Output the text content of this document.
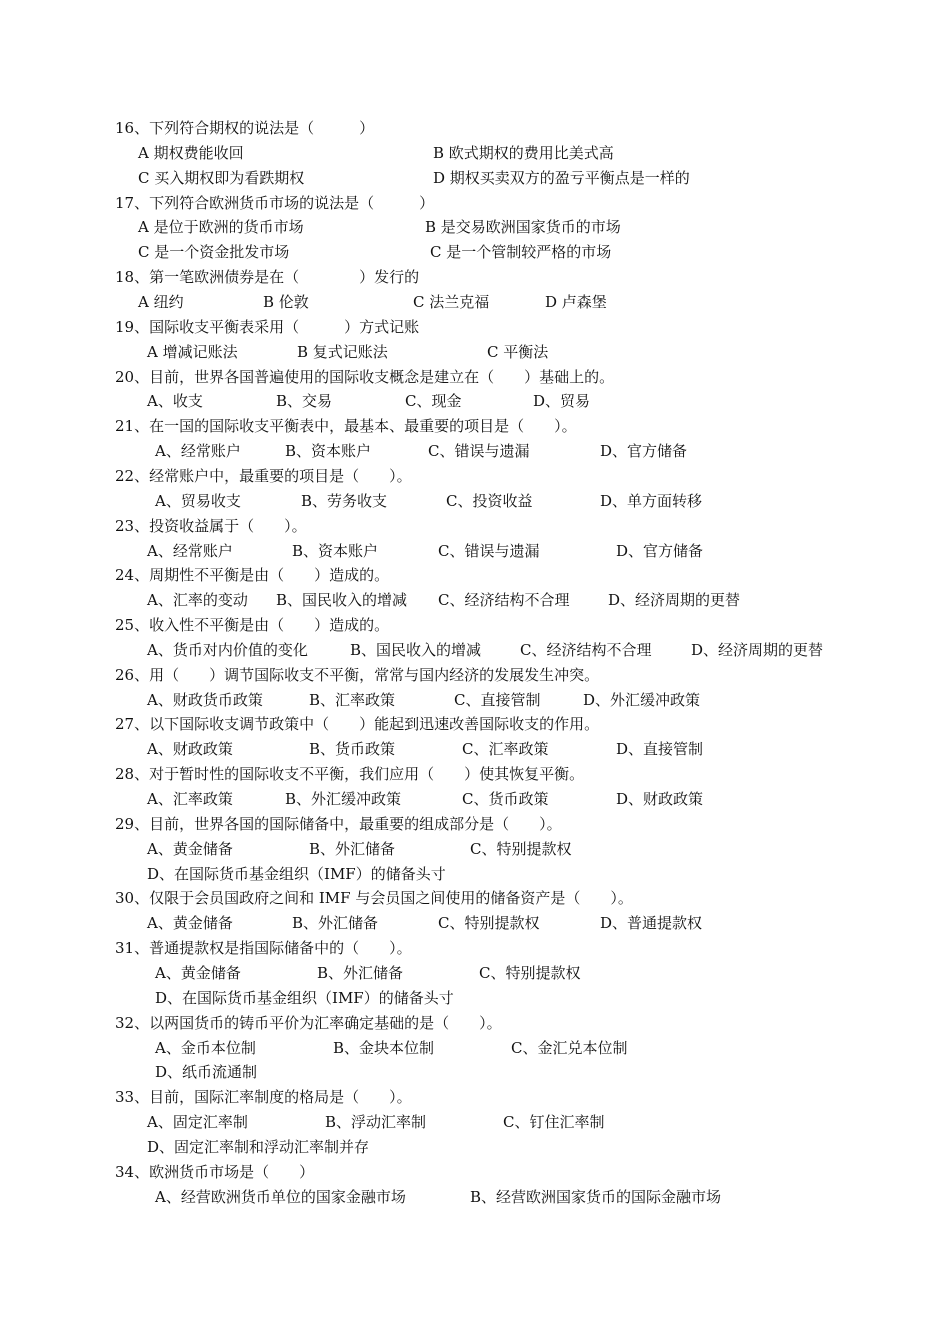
16、下列符合期权的说法是（　　　）
A 期权费能收回	B 欧式期权的费用比美式高
C 买入期权即为看跌期权	D 期权买卖双方的盈亏平衡点是一样的
17、下列符合欧洲货币市场的说法是（　　　）
A 是位于欧洲的货币市场	B 是交易欧洲国家货币的市场
C 是一个资金批发市场	C 是一个管制较严格的市场
18、第一笔欧洲债券是在（　　　　）发行的
A 纽约	B 伦敦	C 法兰克福	D 卢森堡
19、国际收支平衡表采用（　　　）方式记账
A 增减记账法	B 复式记账法	C 平衡法
20、目前，世界各国普遍使用的国际收支概念是建立在（　　）基础上的。
A、收支	B、交易	C、现金	D、贸易
21、在一国的国际收支平衡表中，最基本、最重要的项目是（　　）。
A、经常账户	B、资本账户	C、错误与遗漏	D、官方储备
22、经常账户中，最重要的项目是（　　）。
A、贸易收支	B、劳务收支	C、投资收益	D、单方面转移
23、投资收益属于（　　）。
A、经常账户	B、资本账户	C、错误与遗漏	D、官方储备
24、周期性不平衡是由（　　）造成的。
A、汇率的变动 B、国民收入的增减 C、经济结构不合理	D、经济周期的更替
25、收入性不平衡是由（　　）造成的。
A、货币对内价值的变化	B、国民收入的增减	C、经济结构不合理	D、经济周期的更替
26、用（　　）调节国际收支不平衡，常常与国内经济的发展发生冲突。
A、财政货币政策	B、汇率政策	C、直接管制	D、外汇缓冲政策
27、以下国际收支调节政策中（　　）能起到迅速改善国际收支的作用。
A、财政政策	B、货币政策	C、汇率政策	D、直接管制
28、对于暂时性的国际收支不平衡，我们应用（　　）使其恢复平衡。
A、汇率政策	B、外汇缓冲政策	C、货币政策	D、财政政策
29、目前，世界各国的国际储备中，最重要的组成部分是（　　）。
A、黄金储备	B、外汇储备	C、特别提款权
D、在国际货币基金组织（IMF）的储备头寸
30、仅限于会员国政府之间和 IMF 与会员国之间使用的储备资产是（　　）。
A、黄金储备	B、外汇储备	C、特别提款权	D、普通提款权
31、普通提款权是指国际储备中的（　　）。
A、黄金储备	B、外汇储备	C、特别提款权
D、在国际货币基金组织（IMF）的储备头寸
32、以两国货币的铸币平价为汇率确定基础的是（　　）。
A、金币本位制	B、金块本位制	C、金汇兑本位制
D、纸币流通制
33、目前，国际汇率制度的格局是（　　）。
A、固定汇率制	B、浮动汇率制	C、钉住汇率制
D、固定汇率制和浮动汇率制并存
34、欧洲货币市场是（　　）
A、经营欧洲货币单位的国家金融市场	B、经营欧洲国家货币的国际金融市场
